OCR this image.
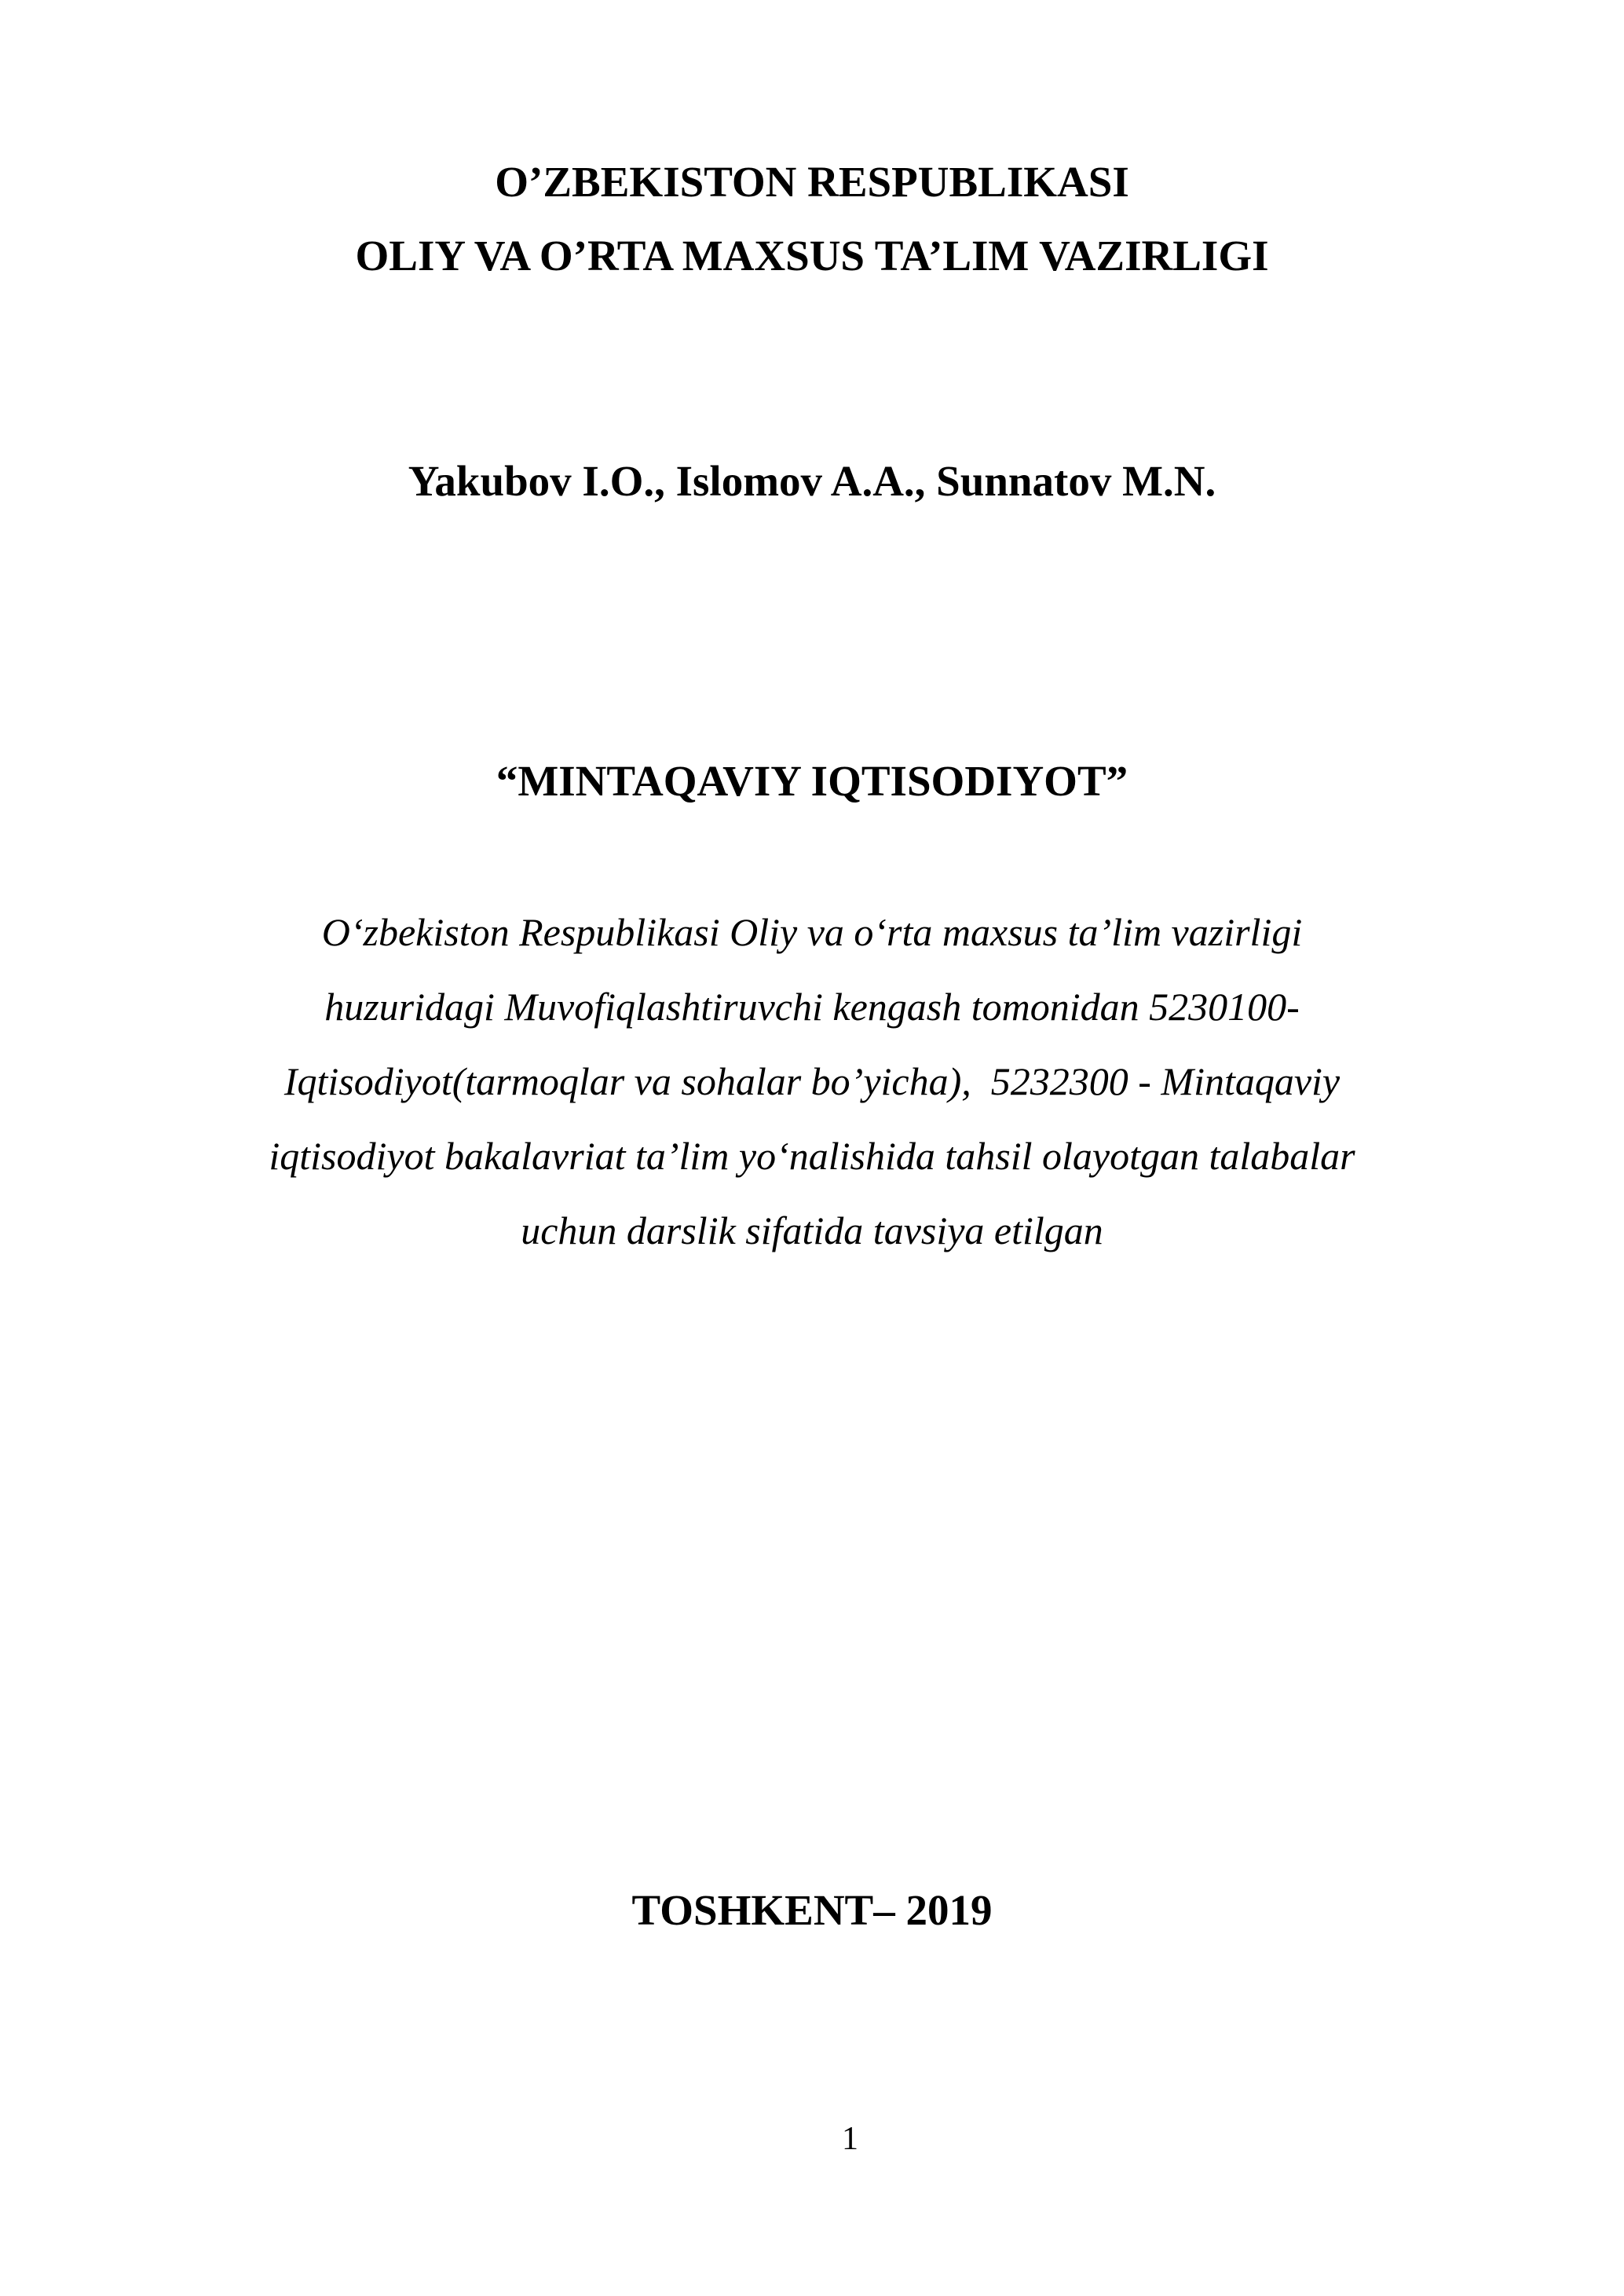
O’ZBEKISTON RESPUBLIKASI
OLIY VA O’RTA MAXSUS TA’LIM VAZIRLIGI
Yakubov I.O., Islomov A.A., Sunnatov M.N.
“MINTAQAVIY IQTISODIYOT”
Oʻzbekiston Respublikasi Oliy va oʻrta maxsus ta’lim vazirligi
huzuridagi Muvofiqlashtiruvchi kengash tomonidan 5230100-
Iqtisodiyot(tarmoqlar va sohalar bo’yicha),  5232300 - Mintaqaviy
iqtisodiyot bakalavriat ta’lim yoʻnalishida tahsil olayotgan talabalar
uchun darslik sifatida tavsiya etilgan
TOSHKENT– 2019
1
